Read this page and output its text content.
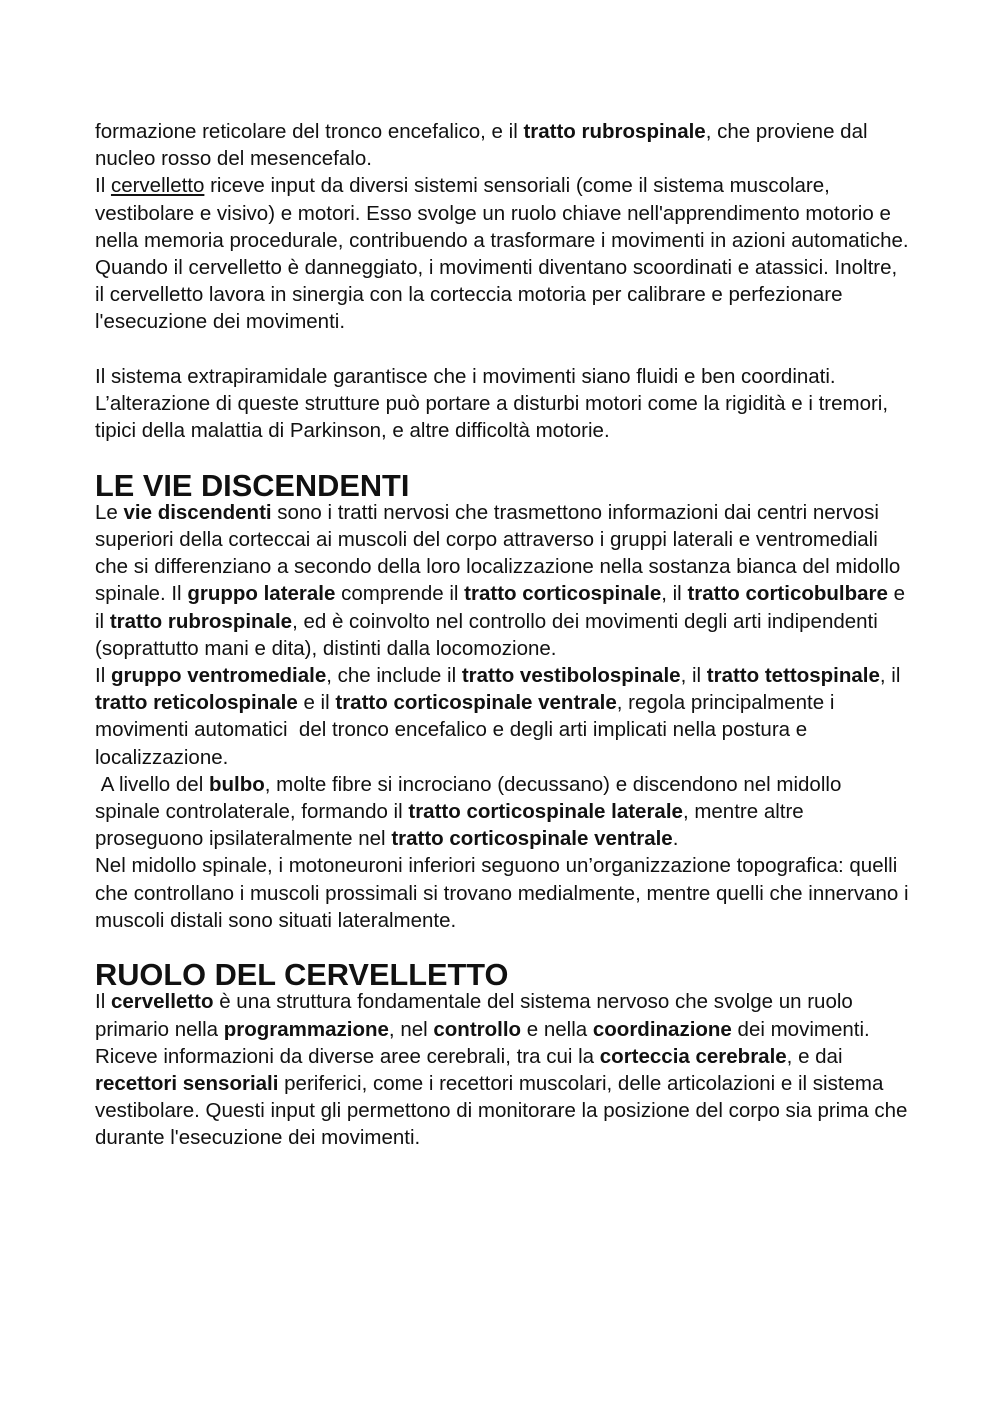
formazione reticolare del tronco encefalico, e il tratto rubrospinale, che proviene dal nucleo rosso del mesencefalo.

Il cervelletto riceve input da diversi sistemi sensoriali (come il sistema muscolare, vestibolare e visivo) e motori. Esso svolge un ruolo chiave nell'apprendimento motorio e nella memoria procedurale, contribuendo a trasformare i movimenti in azioni automatiche. Quando il cervelletto è danneggiato, i movimenti diventano scoordinati e atassici. Inoltre, il cervelletto lavora in sinergia con la corteccia motoria per calibrare e perfezionare l'esecuzione dei movimenti.

Il sistema extrapiramidale garantisce che i movimenti siano fluidi e ben coordinati. L’alterazione di queste strutture può portare a disturbi motori come la rigidità e i tremori, tipici della malattia di Parkinson, e altre difficoltà motorie.

LE VIE DISCENDENTI

Le vie discendenti sono i tratti nervosi che trasmettono informazioni dai centri nervosi superiori della corteccai ai muscoli del corpo attraverso i gruppi laterali e ventromediali che si differenziano a secondo della loro localizzazione nella sostanza bianca del midollo spinale. Il gruppo laterale comprende il tratto corticospinale, il tratto corticobulbare e il tratto rubrospinale, ed è coinvolto nel controllo dei movimenti degli arti indipendenti (soprattutto mani e dita), distinti dalla locomozione.

Il gruppo ventromediale, che include il tratto vestibolospinale, il tratto tettospinale, il tratto reticolospinale e il tratto corticospinale ventrale, regola principalmente i movimenti automatici  del tronco encefalico e degli arti implicati nella postura e localizzazione.

A livello del bulbo, molte fibre si incrociano (decussano) e discendono nel midollo spinale controlaterale, formando il tratto corticospinale laterale, mentre altre proseguono ipsilateralmente nel tratto corticospinale ventrale.

Nel midollo spinale, i motoneuroni inferiori seguono un’organizzazione topografica: quelli che controllano i muscoli prossimali si trovano medialmente, mentre quelli che innervano i muscoli distali sono situati lateralmente.

RUOLO DEL CERVELLETTO

Il cervelletto è una struttura fondamentale del sistema nervoso che svolge un ruolo primario nella programmazione, nel controllo e nella coordinazione dei movimenti.

Riceve informazioni da diverse aree cerebrali, tra cui la corteccia cerebrale, e dai recettori sensoriali periferici, come i recettori muscolari, delle articolazioni e il sistema vestibolare. Questi input gli permettono di monitorare la posizione del corpo sia prima che durante l'esecuzione dei movimenti.
